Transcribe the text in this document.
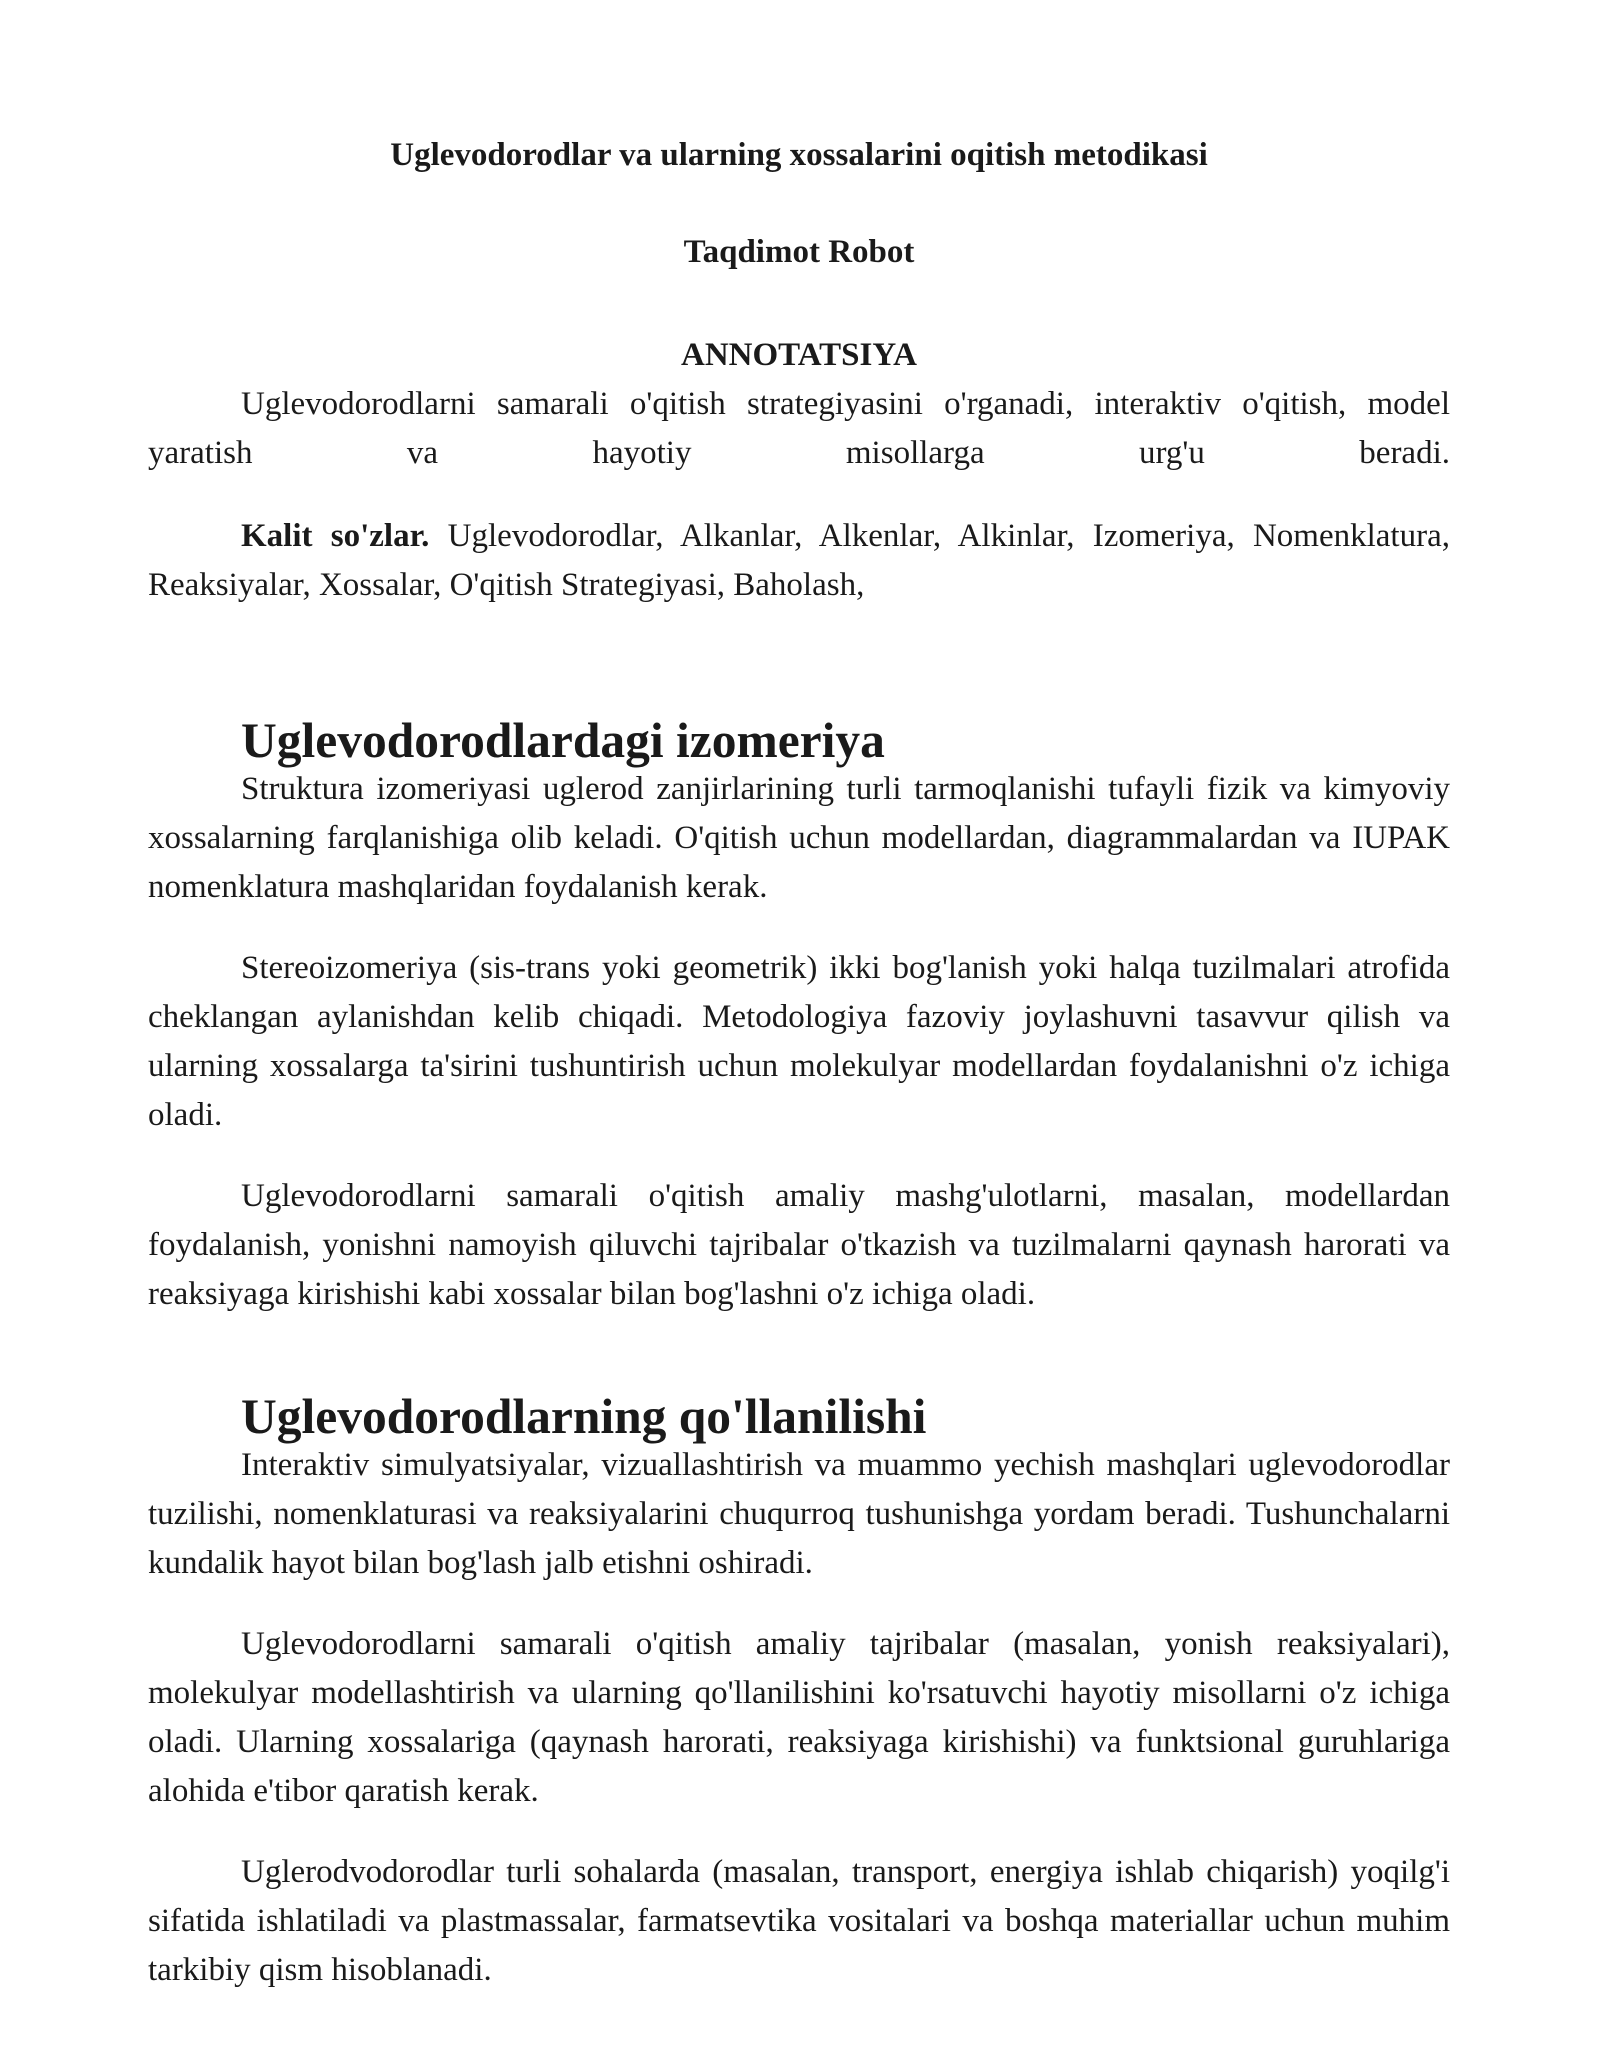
Uglevodorodlar va ularning xossalarini oqitish metodikasi
Taqdimot Robot
ANNOTATSIYA

Uglevodorodlarni samarali o'qitish strategiyasini o'rganadi, interaktiv o'qitish, model yaratish va hayotiy misollarga urg'u beradi.

Kalit so'zlar. Uglevodorodlar, Alkanlar, Alkenlar, Alkinlar, Izomeriya, Nomenklatura, Reaksiyalar, Xossalar, O'qitish Strategiyasi, Baholash,

Uglevodorodlardagi izomeriya

Struktura izomeriyasi uglerod zanjirlarining turli tarmoqlanishi tufayli fizik va kimyoviy xossalarning farqlanishiga olib keladi. O'qitish uchun modellardan, diagrammalardan va IUPAK nomenklatura mashqlaridan foydalanish kerak.

Stereoizomeriya (sis-trans yoki geometrik) ikki bog'lanish yoki halqa tuzilmalari atrofida cheklangan aylanishdan kelib chiqadi. Metodologiya fazoviy joylashuvni tasavvur qilish va ularning xossalarga ta'sirini tushuntirish uchun molekulyar modellardan foydalanishni o'z ichiga oladi.

Uglevodorodlarni samarali o'qitish amaliy mashg'ulotlarni, masalan, modellardan foydalanish, yonishni namoyish qiluvchi tajribalar o'tkazish va tuzilmalarni qaynash harorati va reaksiyaga kirishishi kabi xossalar bilan bog'lashni o'z ichiga oladi.

Uglevodorodlarning qo'llanilishi

Interaktiv simulyatsiyalar, vizuallashtirish va muammo yechish mashqlari uglevodorodlar tuzilishi, nomenklaturasi va reaksiyalarini chuqurroq tushunishga yordam beradi. Tushunchalarni kundalik hayot bilan bog'lash jalb etishni oshiradi.

Uglevodorodlarni samarali o'qitish amaliy tajribalar (masalan, yonish reaksiyalari), molekulyar modellashtirish va ularning qo'llanilishini ko'rsatuvchi hayotiy misollarni o'z ichiga oladi. Ularning xossalariga (qaynash harorati, reaksiyaga kirishishi) va funktsional guruhlariga alohida e'tibor qaratish kerak.

Uglerodvodorodlar turli sohalarda (masalan, transport, energiya ishlab chiqarish) yoqilg'i sifatida ishlatiladi va plastmassalar, farmatsevtika vositalari va boshqa materiallar uchun muhim tarkibiy qism hisoblanadi.
